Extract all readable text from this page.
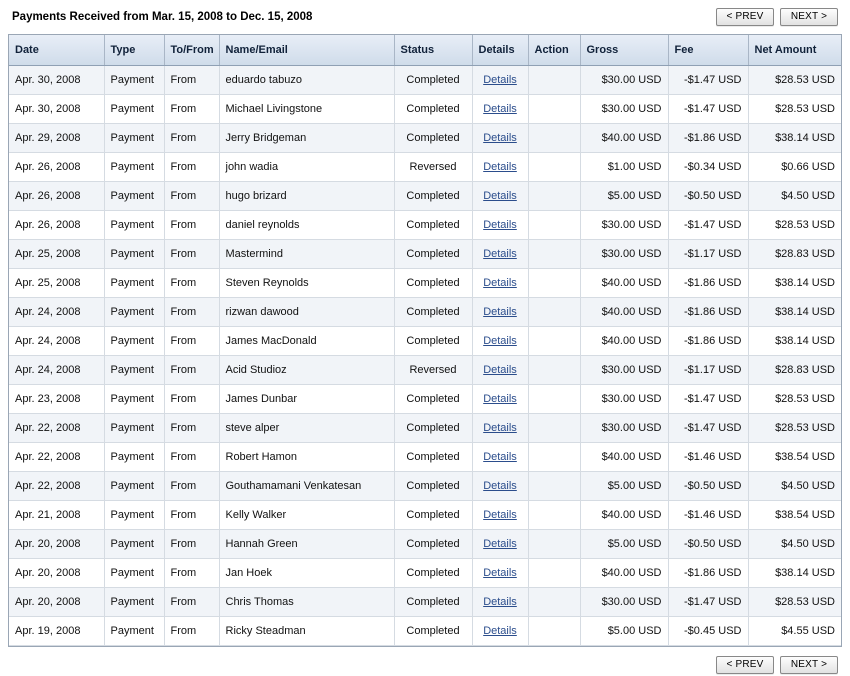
Payments Received from Mar. 15, 2008 to Dec. 15, 2008	< PREV	NEXT >
Date	Type	To/From	Name/Email	Status	Details	Action	Gross	Fee	Net Amount
Apr. 30, 2008	Payment	From	eduardo tabuzo	Completed	Details		$30.00 USD	-$1.47 USD	$28.53 USD
Apr. 30, 2008	Payment	From	Michael Livingstone	Completed	Details		$30.00 USD	-$1.47 USD	$28.53 USD
Apr. 29, 2008	Payment	From	Jerry Bridgeman	Completed	Details		$40.00 USD	-$1.86 USD	$38.14 USD
Apr. 26, 2008	Payment	From	john wadia	Reversed	Details		$1.00 USD	-$0.34 USD	$0.66 USD
Apr. 26, 2008	Payment	From	hugo brizard	Completed	Details		$5.00 USD	-$0.50 USD	$4.50 USD
Apr. 26, 2008	Payment	From	daniel reynolds	Completed	Details		$30.00 USD	-$1.47 USD	$28.53 USD
Apr. 25, 2008	Payment	From	Mastermind	Completed	Details		$30.00 USD	-$1.17 USD	$28.83 USD
Apr. 25, 2008	Payment	From	Steven Reynolds	Completed	Details		$40.00 USD	-$1.86 USD	$38.14 USD
Apr. 24, 2008	Payment	From	rizwan dawood	Completed	Details		$40.00 USD	-$1.86 USD	$38.14 USD
Apr. 24, 2008	Payment	From	James MacDonald	Completed	Details		$40.00 USD	-$1.86 USD	$38.14 USD
Apr. 24, 2008	Payment	From	Acid Studioz	Reversed	Details		$30.00 USD	-$1.17 USD	$28.83 USD
Apr. 23, 2008	Payment	From	James Dunbar	Completed	Details		$30.00 USD	-$1.47 USD	$28.53 USD
Apr. 22, 2008	Payment	From	steve alper	Completed	Details		$30.00 USD	-$1.47 USD	$28.53 USD
Apr. 22, 2008	Payment	From	Robert Hamon	Completed	Details		$40.00 USD	-$1.46 USD	$38.54 USD
Apr. 22, 2008	Payment	From	Gouthamamani Venkatesan	Completed	Details		$5.00 USD	-$0.50 USD	$4.50 USD
Apr. 21, 2008	Payment	From	Kelly Walker	Completed	Details		$40.00 USD	-$1.46 USD	$38.54 USD
Apr. 20, 2008	Payment	From	Hannah Green	Completed	Details		$5.00 USD	-$0.50 USD	$4.50 USD
Apr. 20, 2008	Payment	From	Jan Hoek	Completed	Details		$40.00 USD	-$1.86 USD	$38.14 USD
Apr. 20, 2008	Payment	From	Chris Thomas	Completed	Details		$30.00 USD	-$1.47 USD	$28.53 USD
Apr. 19, 2008	Payment	From	Ricky Steadman	Completed	Details		$5.00 USD	-$0.45 USD	$4.55 USD
< PREV	NEXT >
